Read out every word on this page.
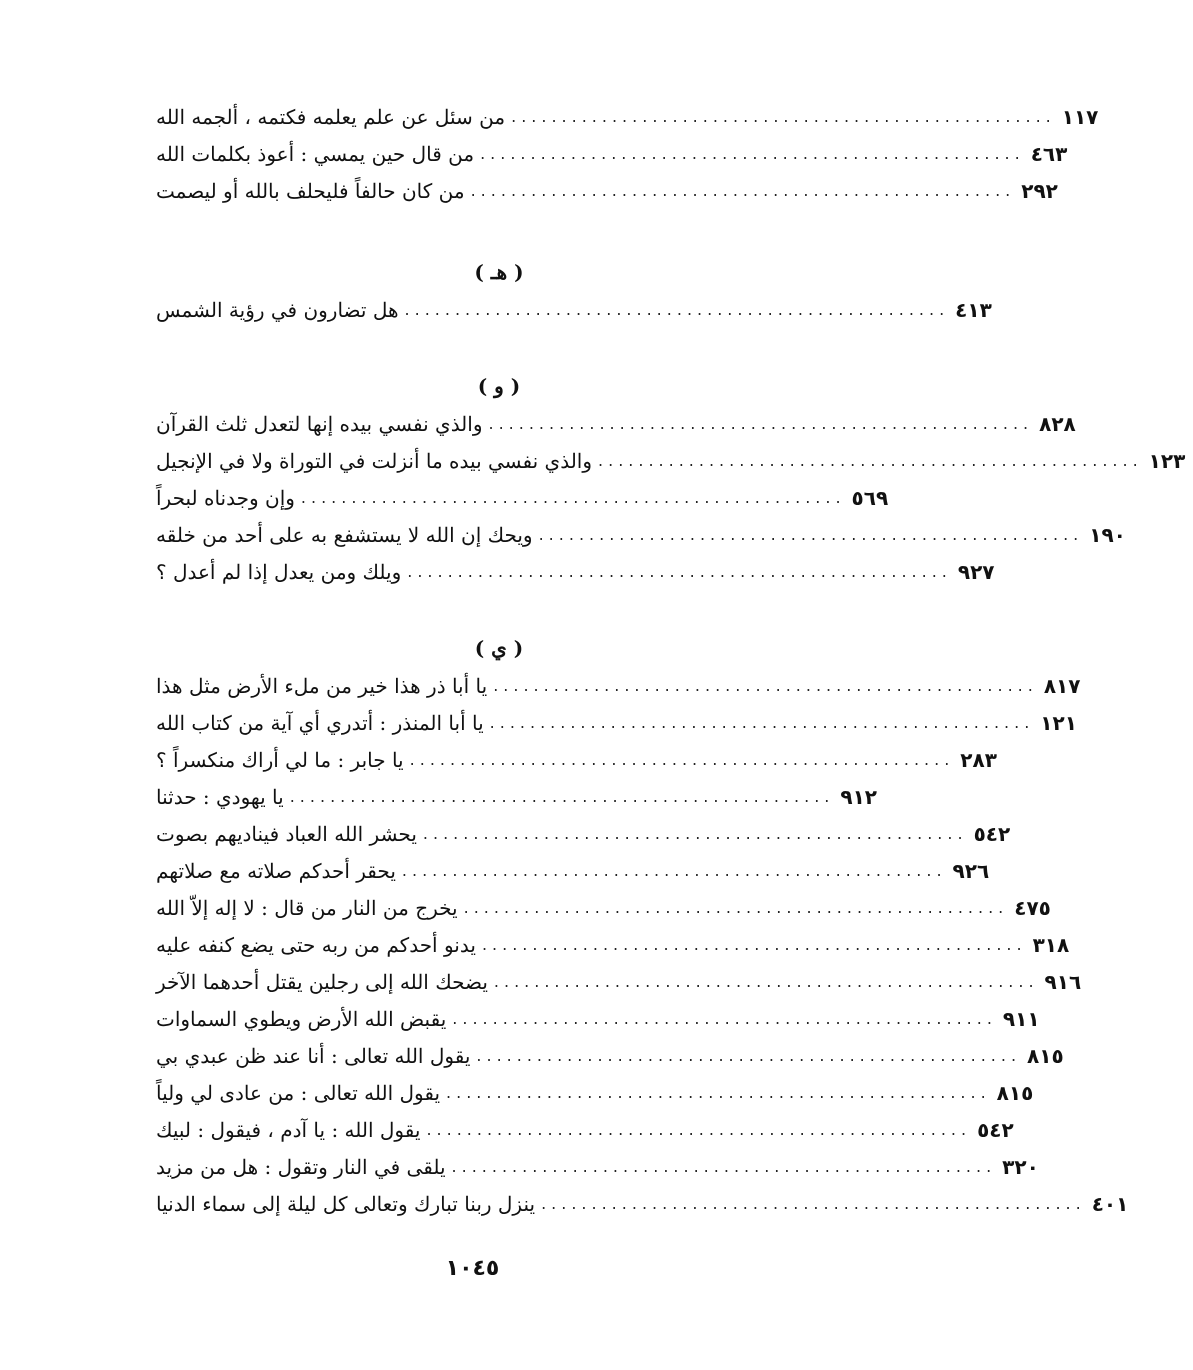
من سئل عن علم يعلمه فكتمه ، ألجمه الله ...................................................... ١١٧
من قال حين يمسي : أعوذ بكلمات الله ...................................................... ٤٦٣
من كان حالفاً فليحلف بالله أو ليصمت ...................................................... ٢٩٢
( هـ )
هل تضارون في رؤية الشمس ...................................................... ٤١٣
( و )
والذي نفسي بيده إنها لتعدل ثلث القرآن ...................................................... ٨٢٨
والذي نفسي بيده ما أنزلت في التوراة ولا في الإنجيل ...................................................... ١٢٣
وإن وجدناه لبحراً ...................................................... ٥٦٩
ويحك إن الله لا يستشفع به على أحد من خلقه ...................................................... ١٩٠
ويلك ومن يعدل إذا لم أعدل ؟ ...................................................... ٩٢٧
( ي )
يا أبا ذر هذا خير من ملء الأرض مثل هذا ...................................................... ٨١٧
يا أبا المنذر : أتدري أي آية من كتاب الله ...................................................... ١٢١
يا جابر : ما لي أراك منكسراً ؟ ...................................................... ٢٨٣
يا يهودي : حدثنا ...................................................... ٩١٢
يحشر الله العباد فيناديهم بصوت ...................................................... ٥٤٢
يحقر أحدكم صلاته مع صلاتهم ...................................................... ٩٢٦
يخرج من النار من قال : لا إله إلاّ الله ...................................................... ٤٧٥
يدنو أحدكم من ربه حتى يضع كنفه عليه ...................................................... ٣١٨
يضحك الله إلى رجلين يقتل أحدهما الآخر ...................................................... ٩١٦
يقبض الله الأرض ويطوي السماوات ...................................................... ٩١١
يقول الله تعالى : أنا عند ظن عبدي بي ...................................................... ٨١٥
يقول الله تعالى : من عادى لي ولياً ...................................................... ٨١٥
يقول الله : يا آدم ، فيقول : لبيك ...................................................... ٥٤٢
يلقى في النار وتقول : هل من مزيد ...................................................... ٣٢٠
ينزل ربنا تبارك وتعالى كل ليلة إلى سماء الدنيا ...................................................... ٤٠١
١٠٤٥
